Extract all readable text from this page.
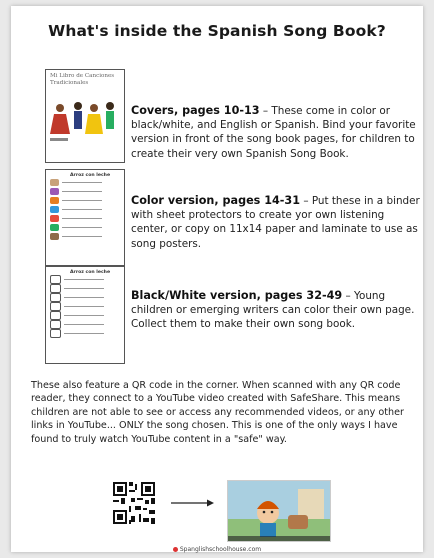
What's inside the Spanish Song Book?
Mi Libro de Canciones Tradicionales
Arroz con leche
Arroz con leche
Covers, pages 10-13 – These come in color or black/white, and English or Spanish. Bind your favorite version in front of the song book pages, for children to create their very own Spanish Song Book.
Color version, pages 14-31 – Put these in a binder with sheet protectors to create yor own listening center, or copy on 11x14 paper and laminate to use as song posters.
Black/White version, pages 32-49 – Young children or emerging writers can color their own page. Collect them to make their own song book.
These also feature a QR code in the corner. When scanned with any QR code reader, they connect to a YouTube video created with SafeShare. This means children are not able to see or access any recommended videos, or any other links in YouTube... ONLY the song chosen. This is one of the only ways I have found to truly watch YouTube content in a "safe" way.
Spanglishschoolhouse.com
